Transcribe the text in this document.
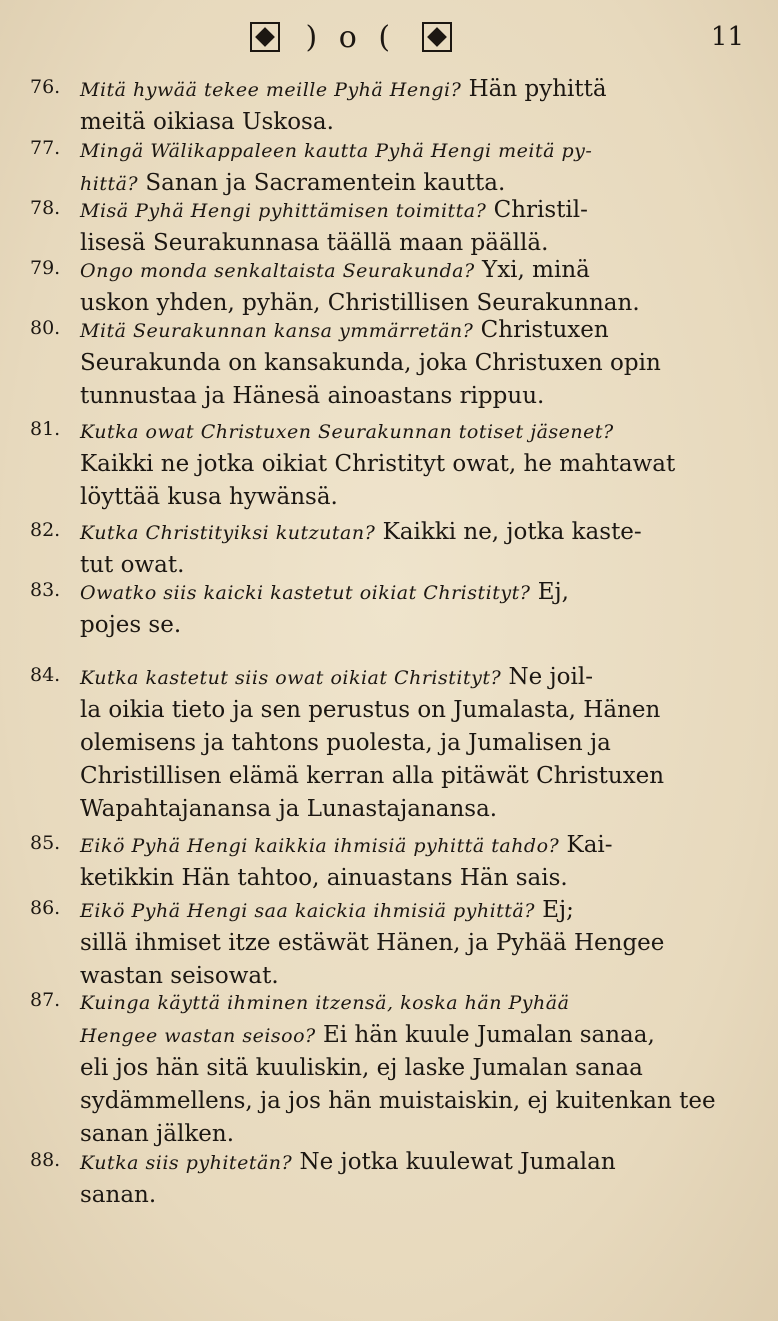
) o (	11
76. Mitä hywää tekee meille Pyhä Hengi? Hän pyhittä
meitä oikiasa Uskosa.
77. Mingä Wälikappaleen kautta Pyhä Hengi meitä py-
hittä? Sanan ja Sacramentein kautta.
78. Misä Pyhä Hengi pyhittämisen toimitta? Christil-
lisesä Seurakunnasa täällä maan päällä.
79. Ongo monda senkaltaista Seurakunda? Yxi, minä
uskon yhden, pyhän, Christillisen Seurakunnan.
80. Mitä Seurakunnan kansa ymmärretän? Christuxen
Seurakunda on kansakunda, joka Christuxen opin
tunnustaa ja Hänesä ainoastans rippuu.
81. Kutka owat Christuxen Seurakunnan totiset jäsenet?
Kaikki ne jotka oikiat Christityt owat, he mahtawat
löyttää kusa hywänsä.
82. Kutka Christityiksi kutzutan? Kaikki ne, jotka kaste-
tut owat.
83. Owatko siis kaicki kastetut oikiat Christityt? Ej,
pojes se.
84. Kutka kastetut siis owat oikiat Christityt? Ne joil-
la oikia tieto ja sen perustus on Jumalasta, Hänen
olemisens ja tahtons puolesta, ja Jumalisen ja
Christillisen elämä kerran alla pitäwät Christuxen
Wapahtajanansa ja Lunastajanansa.
85. Eikö Pyhä Hengi kaikkia ihmisiä pyhittä tahdo? Kai-
ketikkin Hän tahtoo, ainuastans Hän sais.
86. Eikö Pyhä Hengi saa kaickia ihmisiä pyhittä? Ej;
sillä ihmiset itze estäwät Hänen, ja Pyhää Hengee
wastan seisowat.
87. Kuinga käyttä ihminen itzensä, koska hän Pyhää
Hengee wastan seisoo? Ei hän kuule Jumalan sanaa,
eli jos hän sitä kuuliskin, ej laske Jumalan sanaa
sydämmellens, ja jos hän muistaiskin, ej kuitenkan tee
sanan jälken.
88. Kutka siis pyhitetän? Ne jotka kuulewat Jumalan
sanan.
